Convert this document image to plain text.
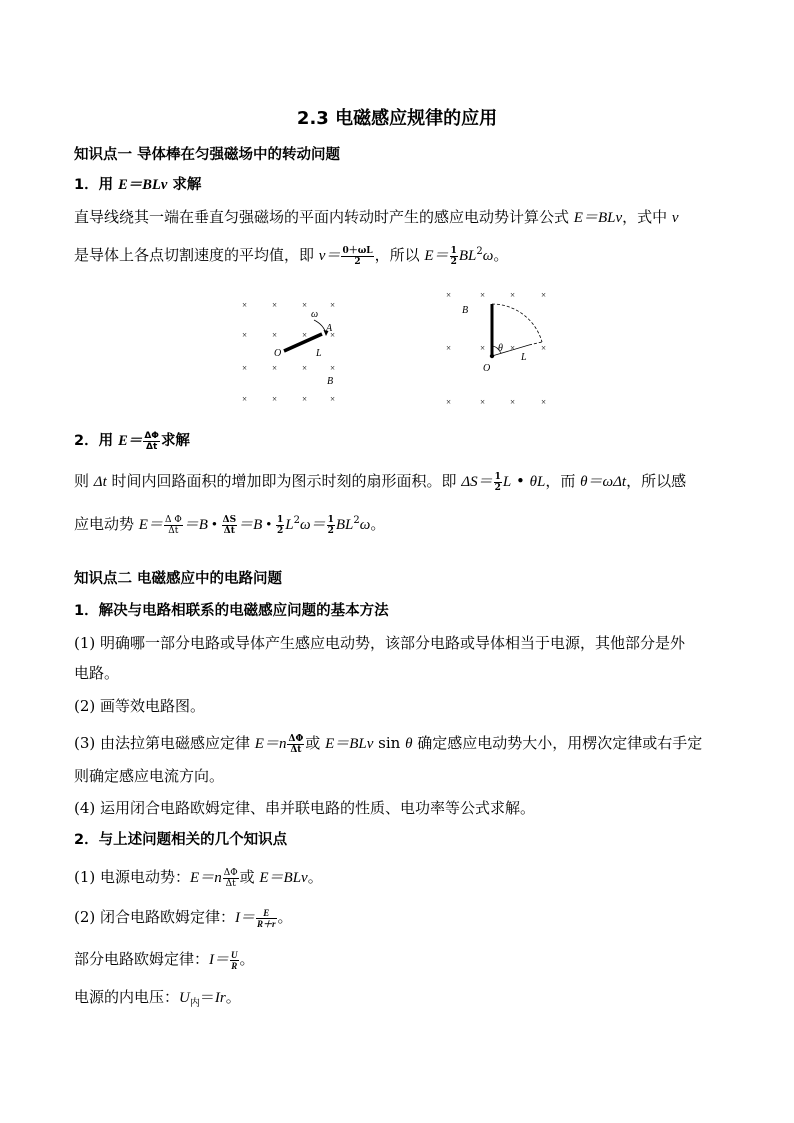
2.3 电磁感应规律的应用
知识点一 导体棒在匀强磁场中的转动问题
1．用 E＝BLv 求解
直导线绕其一端在垂直匀强磁场的平面内转动时产生的感应电动势计算公式 E＝BLv，式中 v
是导体上各点切割速度的平均值，即 $v= \frac{0+\omega L}{2}$ ，所以 $E= \frac{1}{2} BL^2\omega$。
×	×	×	×
×	×	×	×
×	×	×	×
×	×	×	×
ω
A
O	L
B
×	×	×	×
×	×	×	×
×	×	×	×
B
θ
O
L
2．用 $E= \frac{\Delta\Phi}{\Delta t}$ 求解
则 Δt 时间内回路面积的增加即为图示时刻的扇形面积。即 $\Delta S= \frac{1}{2}$ L • θL，而 θ＝ωΔt，所以感
应电动势 $E= \frac{\text{Δ Φ}}{\Delta t} =B$ • $\frac{\Delta S}{\Delta t} =B$ • $\frac{1}{2} L^2\omega= \frac{1}{2} BL^2\omega$。
知识点二 电磁感应中的电路问题
1．解决与电路相联系的电磁感应问题的基本方法
(1) 明确哪一部分电路或导体产生感应电动势，该部分电路或导体相当于电源，其他部分是外
电路。
(2) 画等效电路图。
(3) 由法拉第电磁感应定律 $E=n \frac{\Delta\Phi}{\Delta t}$ 或 E＝BLv sin θ 确定感应电动势大小，用楞次定律或右手定
则确定感应电流方向。
(4) 运用闭合电路欧姆定律、串并联电路的性质、电功率等公式求解。
2．与上述问题相关的几个知识点
(1) 电源电动势：$E=n \frac{\Delta\Phi}{\Delta t}$ 或 E＝BLv。
(2) 闭合电路欧姆定律：$I= \frac{E}{R+r}$ 。
部分电路欧姆定律：$I= \frac{U}{R}$ 。
电源的内电压：$U_内=Ir$。
